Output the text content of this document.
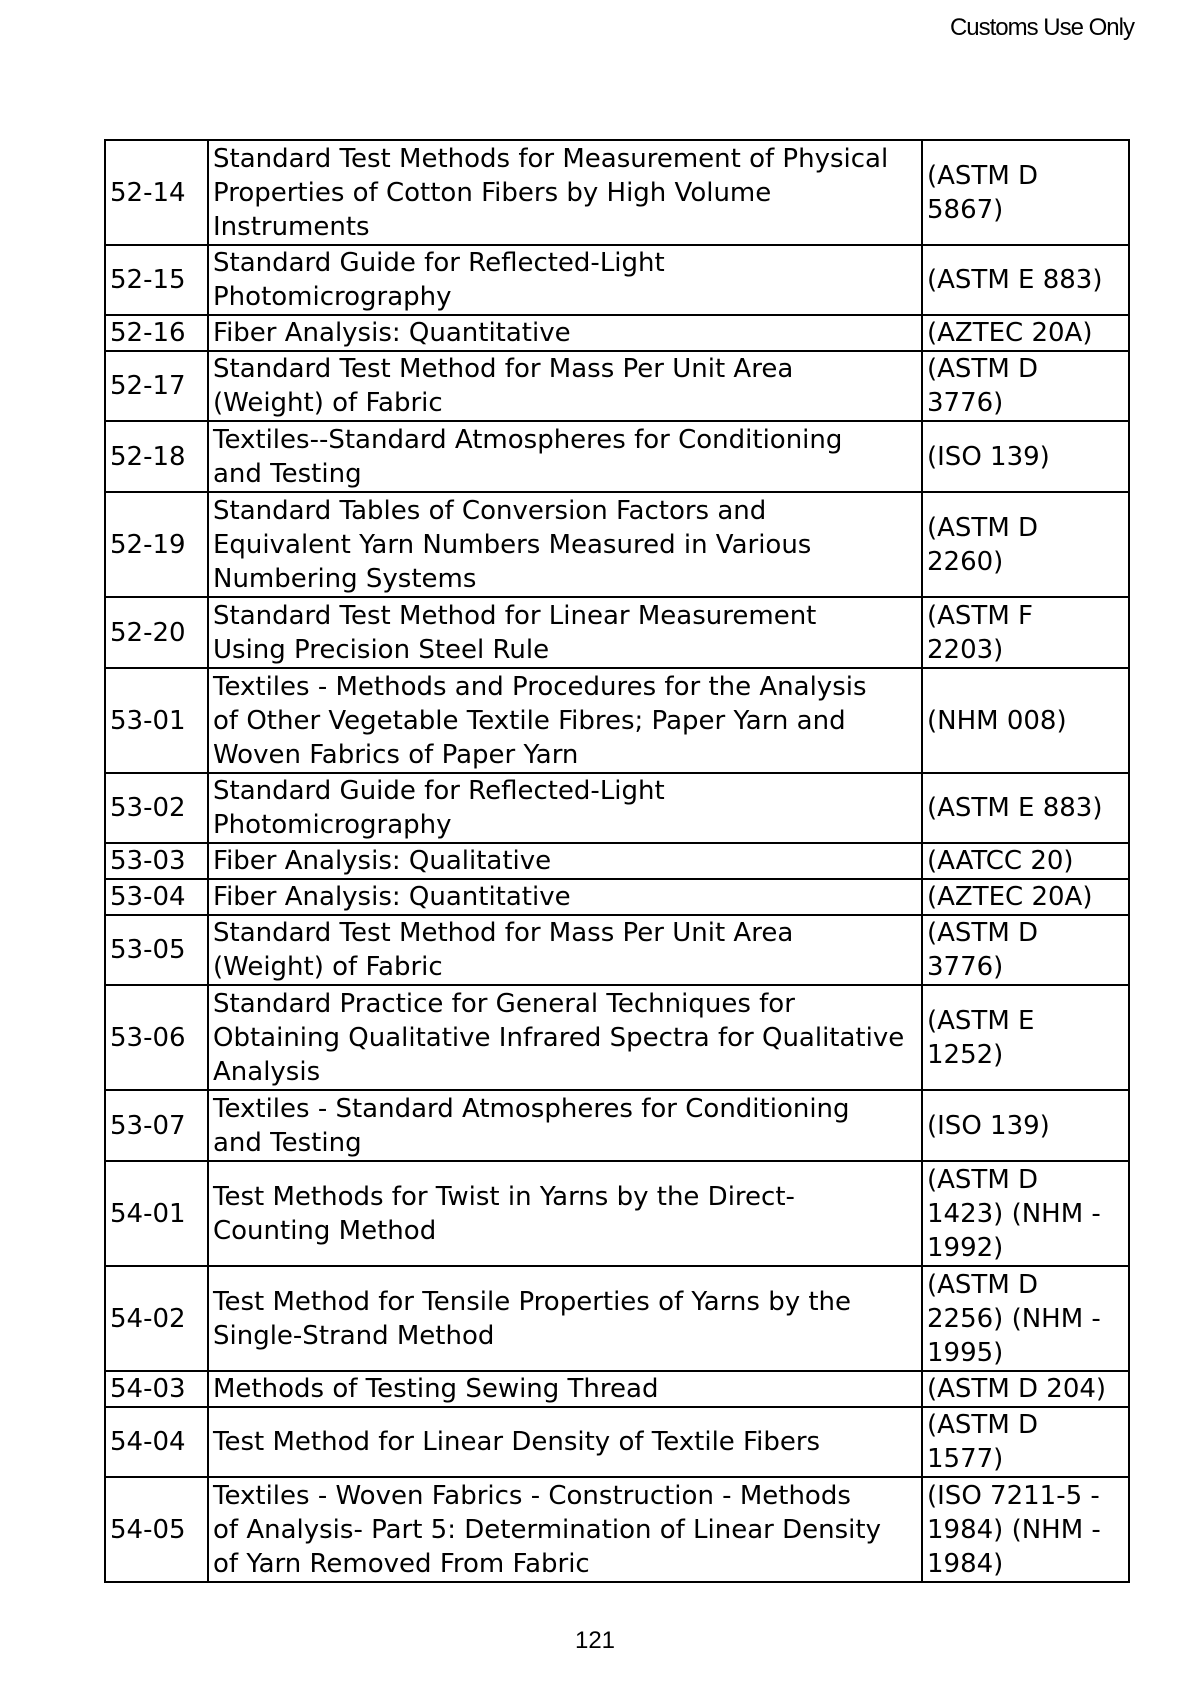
Customs Use Only
52-14	Standard Test Methods for Measurement of Physical
Properties of Cotton Fibers by High Volume
Instruments	(ASTM D
5867)
52-15	Standard Guide for Reflected-Light
Photomicrography	(ASTM E 883)
52-16	Fiber Analysis: Quantitative	(AZTEC 20A)
52-17	Standard Test Method for Mass Per Unit Area
(Weight) of Fabric	(ASTM D
3776)
52-18	Textiles--Standard Atmospheres for Conditioning
and Testing	(ISO 139)
52-19	Standard Tables of Conversion Factors and
Equivalent Yarn Numbers Measured in Various
Numbering Systems	(ASTM D
2260)
52-20	Standard Test Method for Linear Measurement
Using Precision Steel Rule	(ASTM F
2203)
53-01	Textiles - Methods and Procedures for the Analysis
of Other Vegetable Textile Fibres; Paper Yarn and
Woven Fabrics of Paper Yarn	(NHM 008)
53-02	Standard Guide for Reflected-Light
Photomicrography	(ASTM E 883)
53-03	Fiber Analysis: Qualitative	(AATCC 20)
53-04	Fiber Analysis: Quantitative	(AZTEC 20A)
53-05	Standard Test Method for Mass Per Unit Area
(Weight) of Fabric	(ASTM D
3776)
53-06	Standard Practice for General Techniques for
Obtaining Qualitative Infrared Spectra for Qualitative
Analysis	(ASTM E
1252)
53-07	Textiles - Standard Atmospheres for Conditioning
and Testing	(ISO 139)
54-01	Test Methods for Twist in Yarns by the Direct-
Counting Method	(ASTM D
1423) (NHM -
1992)
54-02	Test Method for Tensile Properties of Yarns by the
Single-Strand Method	(ASTM D
2256) (NHM -
1995)
54-03	Methods of Testing Sewing Thread	(ASTM D 204)
54-04	Test Method for Linear Density of Textile Fibers	(ASTM D
1577)
54-05	Textiles - Woven Fabrics - Construction - Methods
of Analysis- Part 5: Determination of Linear Density
of Yarn Removed From Fabric	(ISO 7211-5 -
1984) (NHM -
1984)
121
